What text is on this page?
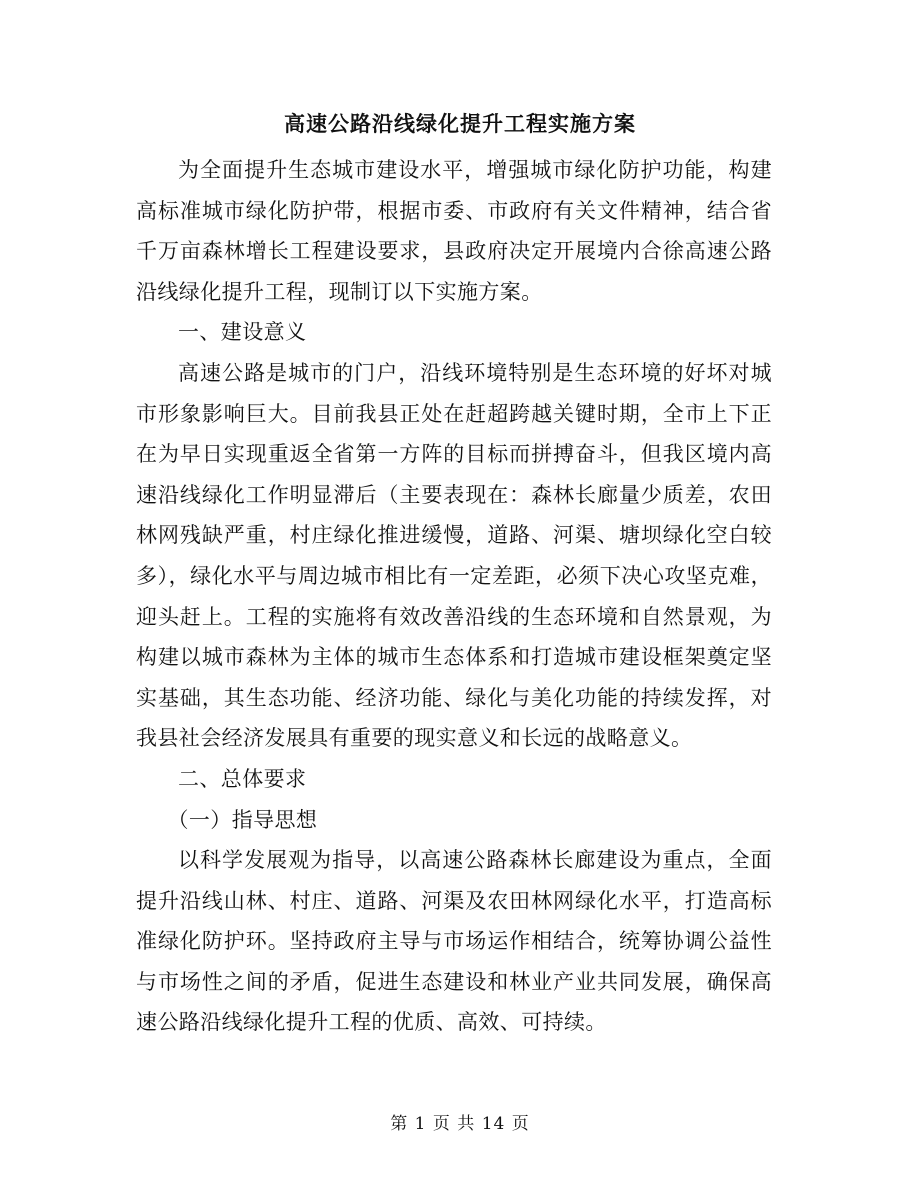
高速公路沿线绿化提升工程实施方案

为全面提升生态城市建设水平，增强城市绿化防护功能，构建高标准城市绿化防护带，根据市委、市政府有关文件精神，结合省千万亩森林增长工程建设要求，县政府决定开展境内合徐高速公路沿线绿化提升工程，现制订以下实施方案。

一、建设意义

高速公路是城市的门户，沿线环境特别是生态环境的好坏对城市形象影响巨大。目前我县正处在赶超跨越关键时期，全市上下正在为早日实现重返全省第一方阵的目标而拼搏奋斗，但我区境内高速沿线绿化工作明显滞后（主要表现在：森林长廊量少质差，农田林网残缺严重，村庄绿化推进缓慢，道路、河渠、塘坝绿化空白较多），绿化水平与周边城市相比有一定差距，必须下决心攻坚克难，迎头赶上。工程的实施将有效改善沿线的生态环境和自然景观，为构建以城市森林为主体的城市生态体系和打造城市建设框架奠定坚实基础，其生态功能、经济功能、绿化与美化功能的持续发挥，对我县社会经济发展具有重要的现实意义和长远的战略意义。

二、总体要求

（一）指导思想

以科学发展观为指导，以高速公路森林长廊建设为重点，全面提升沿线山林、村庄、道路、河渠及农田林网绿化水平，打造高标准绿化防护环。坚持政府主导与市场运作相结合，统筹协调公益性与市场性之间的矛盾，促进生态建设和林业产业共同发展，确保高速公路沿线绿化提升工程的优质、高效、可持续。

第 1 页 共 14 页
